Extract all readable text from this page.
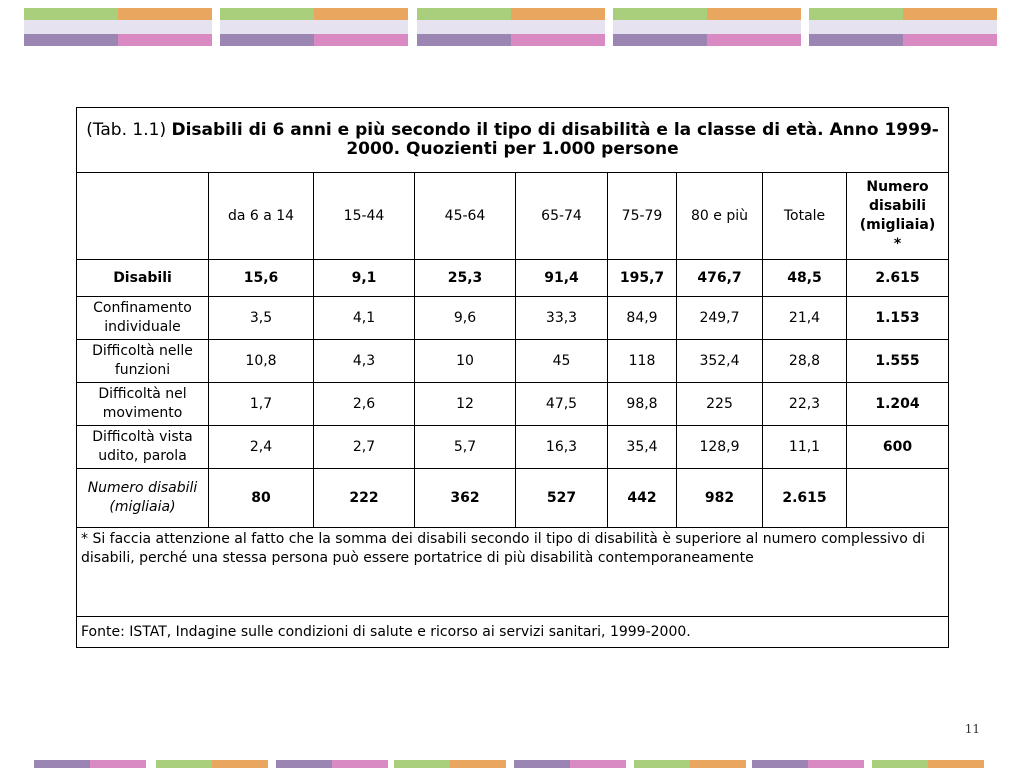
(Tab. 1.1) Disabili di 6 anni e più secondo il tipo di disabilità e la classe di età. Anno 1999-2000. Quozienti per 1.000 persone								
	da 6 a 14	15-44	45-64	65-74	75-79	80 e più	Totale	Numero
disabili
(migliaia)
*

Disabili	15,6	9,1	25,3	91,4	195,7	476,7	48,5	2.615
Confinamento individuale	3,5	4,1	9,6	33,3	84,9	249,7	21,4	1.153
Difficoltà nelle funzioni	10,8	4,3	10	45	118	352,4	28,8	1.555
Difficoltà nel movimento	1,7	2,6	12	47,5	98,8	225	22,3	1.204
Difficoltà vista udito, parola	2,4	2,7	5,7	16,3	35,4	128,9	11,1	600
Numero disabili (migliaia)	80	222	362	527	442	982	2.615	
* Si faccia attenzione al fatto che la somma dei disabili secondo il tipo di disabilità è superiore al numero complessivo di disabili, perché una stessa persona può essere portatrice di più disabilità contemporaneamente								
Fonte: ISTAT, Indagine sulle condizioni di salute e ricorso ai servizi sanitari, 1999-2000.								
11
